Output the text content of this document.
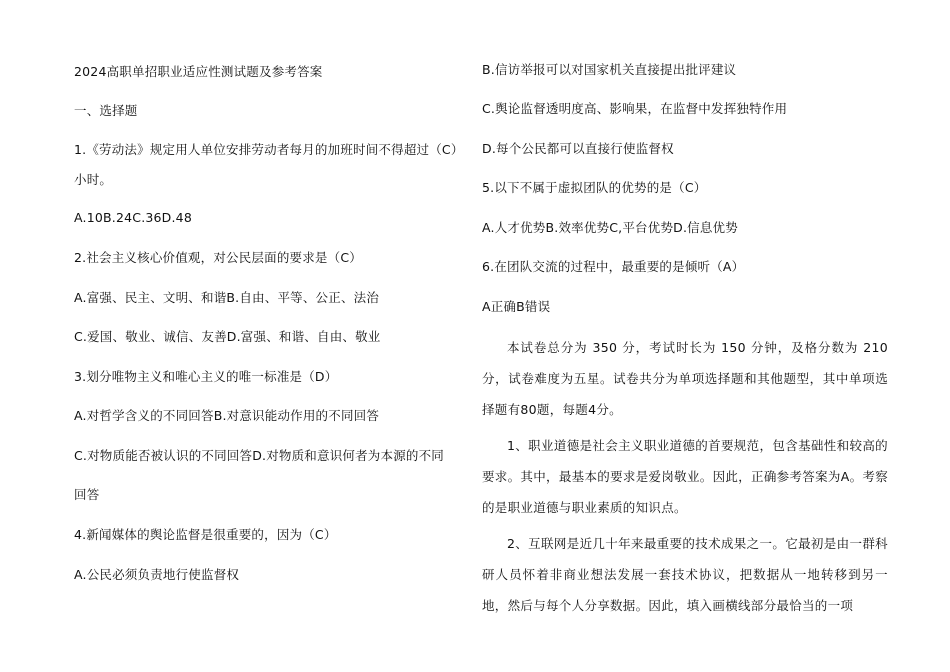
2024高职单招职业适应性测试题及参考答案
一、选择题
1.《劳动法》规定用人单位安排劳动者每月的加班时间不得超过（C）
小时。
A.10B.24C.36D.48
2.社会主义核心价值观，对公民层面的要求是（C）
A.富强、民主、文明、和谐B.自由、平等、公正、法治
C.爱国、敬业、诚信、友善D.富强、和谐、自由、敬业
3.划分唯物主义和唯心主义的唯一标准是（D）
A.对哲学含义的不同回答B.对意识能动作用的不同回答
C.对物质能否被认识的不同回答D.对物质和意识何者为本源的不同
回答
4.新闻媒体的舆论监督是很重要的，因为（C）
A.公民必须负责地行使监督权
B.信访举报可以对国家机关直接提出批评建议
C.舆论监督透明度高、影响果，在监督中发挥独特作用
D.每个公民都可以直接行使监督权
5.以下不属于虚拟团队的优势的是（C）
A.人才优势B.效率优势C,平台优势D.信息优势
6.在团队交流的过程中，最重要的是倾听（A）
A正确B错误
本试卷总分为 350 分，考试时长为 150 分钟，及格分数为 210 分，试卷难度为五星。试卷共分为单项选择题和其他题型，其中单项选择题有80题，每题4分。
1、职业道德是社会主义职业道德的首要规范，包含基础性和较高的要求。其中，最基本的要求是爱岗敬业。因此，正确参考答案为A。考察的是职业道德与职业素质的知识点。
2、互联网是近几十年来最重要的技术成果之一。它最初是由一群科研人员怀着非商业想法发展一套技术协议，把数据从一地转移到另一地，然后与每个人分享数据。因此，填入画横线部分最恰当的一项
